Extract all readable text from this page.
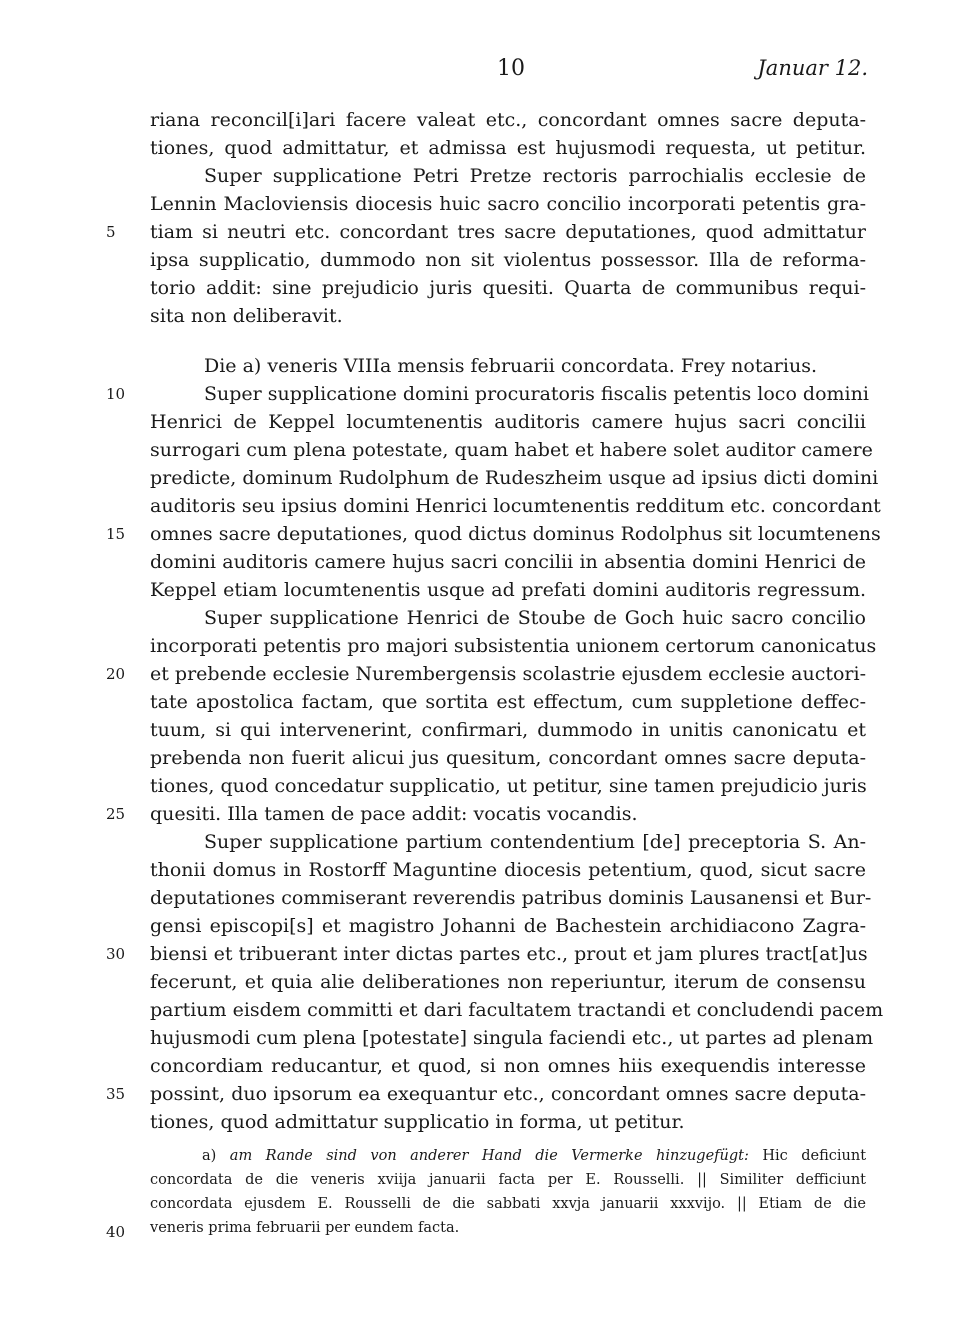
10	Januar 12.
riana reconcil[i]ari facere valeat etc., concordant omnes sacre deputa-
tiones, quod admittatur, et admissa est hujusmodi requesta, ut petitur.
Super supplicatione Petri Pretze rectoris parrochialis ecclesie de
Lennin Macloviensis diocesis huic sacro concilio incorporati petentis gra-
tiam si neutri etc. concordant tres sacre deputationes, quod admittatur
ipsa supplicatio, dummodo non sit violentus possessor. Illa de reforma-
torio addit: sine prejudicio juris quesiti. Quarta de communibus requi-
sita non deliberavit.
Die a) veneris VIIIa mensis februarii concordata. Frey notarius.
Super supplicatione domini procuratoris fiscalis petentis loco domini
Henrici de Keppel locumtenentis auditoris camere hujus sacri concilii
surrogari cum plena potestate, quam habet et habere solet auditor camere
predicte, dominum Rudolphum de Rudeszheim usque ad ipsius dicti domini
auditoris seu ipsius domini Henrici locumtenentis redditum etc. concordant
omnes sacre deputationes, quod dictus dominus Rodolphus sit locumtenens
domini auditoris camere hujus sacri concilii in absentia domini Henrici de
Keppel etiam locumtenentis usque ad prefati domini auditoris regressum.
Super supplicatione Henrici de Stoube de Goch huic sacro concilio
incorporati petentis pro majori subsistentia unionem certorum canonicatus
et prebende ecclesie Nurembergensis scolastrie ejusdem ecclesie auctori-
tate apostolica factam, que sortita est effectum, cum suppletione deffec-
tuum, si qui intervenerint, confirmari, dummodo in unitis canonicatu et
prebenda non fuerit alicui jus quesitum, concordant omnes sacre deputa-
tiones, quod concedatur supplicatio, ut petitur, sine tamen prejudicio juris
quesiti. Illa tamen de pace addit: vocatis vocandis.
Super supplicatione partium contendentium [de] preceptoria S. An-
thonii domus in Rostorff Maguntine diocesis petentium, quod, sicut sacre
deputationes commiserant reverendis patribus dominis Lausanensi et Bur-
gensi episcopi[s] et magistro Johanni de Bachestein archidiacono Zagra-
biensi et tribuerant inter dictas partes etc., prout et jam plures tract[at]us
fecerunt, et quia alie deliberationes non reperiuntur, iterum de consensu
partium eisdem committi et dari facultatem tractandi et concludendi pacem
hujusmodi cum plena [potestate] singula faciendi etc., ut partes ad plenam
concordiam reducantur, et quod, si non omnes hiis exequendis interesse
possint, duo ipsorum ea exequantur etc., concordant omnes sacre deputa-
tiones, quod admittatur supplicatio in forma, ut petitur.
5
10
15
20
25
30
35
40
a) am Rande sind von anderer Hand die Vermerke hinzugefügt: Hic deficiunt
concordata de die veneris xviija januarii facta per E. Rousselli. || Similiter defficiunt
concordata ejusdem E. Rousselli de die sabbati xxvja januarii xxxvijo. || Etiam de die
veneris prima februarii per eundem facta.
